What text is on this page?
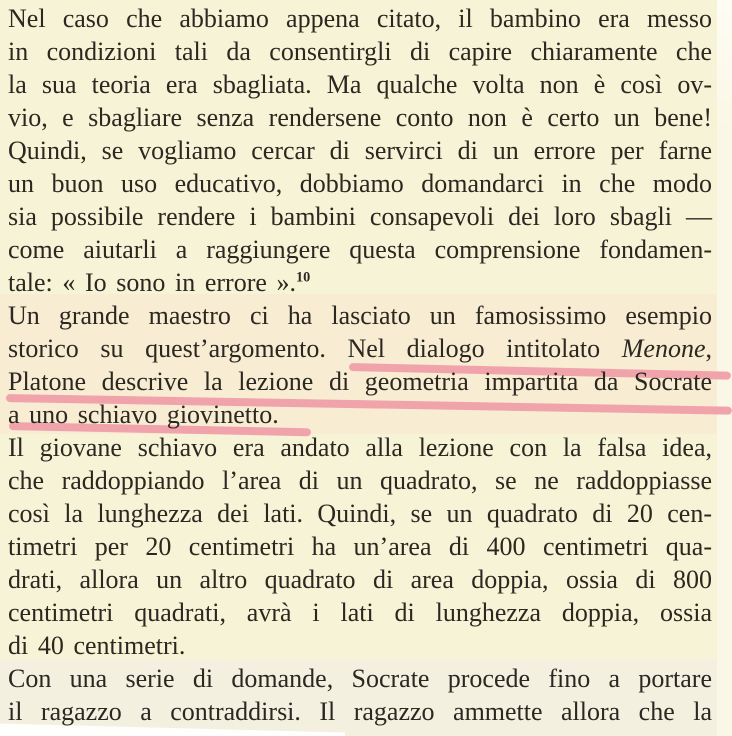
Nel caso che abbiamo appena citato, il bambino era messo
in condizioni tali da consentirgli di capire chiaramente che
la sua teoria era sbagliata. Ma qualche volta non è così ov-
vio, e sbagliare senza rendersene conto non è certo un bene!
Quindi, se vogliamo cercar di servirci di un errore per farne
un buon uso educativo, dobbiamo domandarci in che modo
sia possibile rendere i bambini consapevoli dei loro sbagli —
come aiutarli a raggiungere questa comprensione fondamen-
tale: « Io sono in errore ».$^{10}$
Un grande maestro ci ha lasciato un famosissimo esempio
storico su quest’argomento. Nel dialogo intitolato Menone,
Platone descrive la lezione di geometria impartita da Socrate
a uno schiavo giovinetto.
Il giovane schiavo era andato alla lezione con la falsa idea,
che raddoppiando l’area di un quadrato, se ne raddoppiasse
così la lunghezza dei lati. Quindi, se un quadrato di 20 cen-
timetri per 20 centimetri ha un’area di 400 centimetri qua-
drati, allora un altro quadrato di area doppia, ossia di 800
centimetri quadrati, avrà i lati di lunghezza doppia, ossia
di 40 centimetri.
Con una serie di domande, Socrate procede fino a portare
il ragazzo a contraddirsi. Il ragazzo ammette allora che la
